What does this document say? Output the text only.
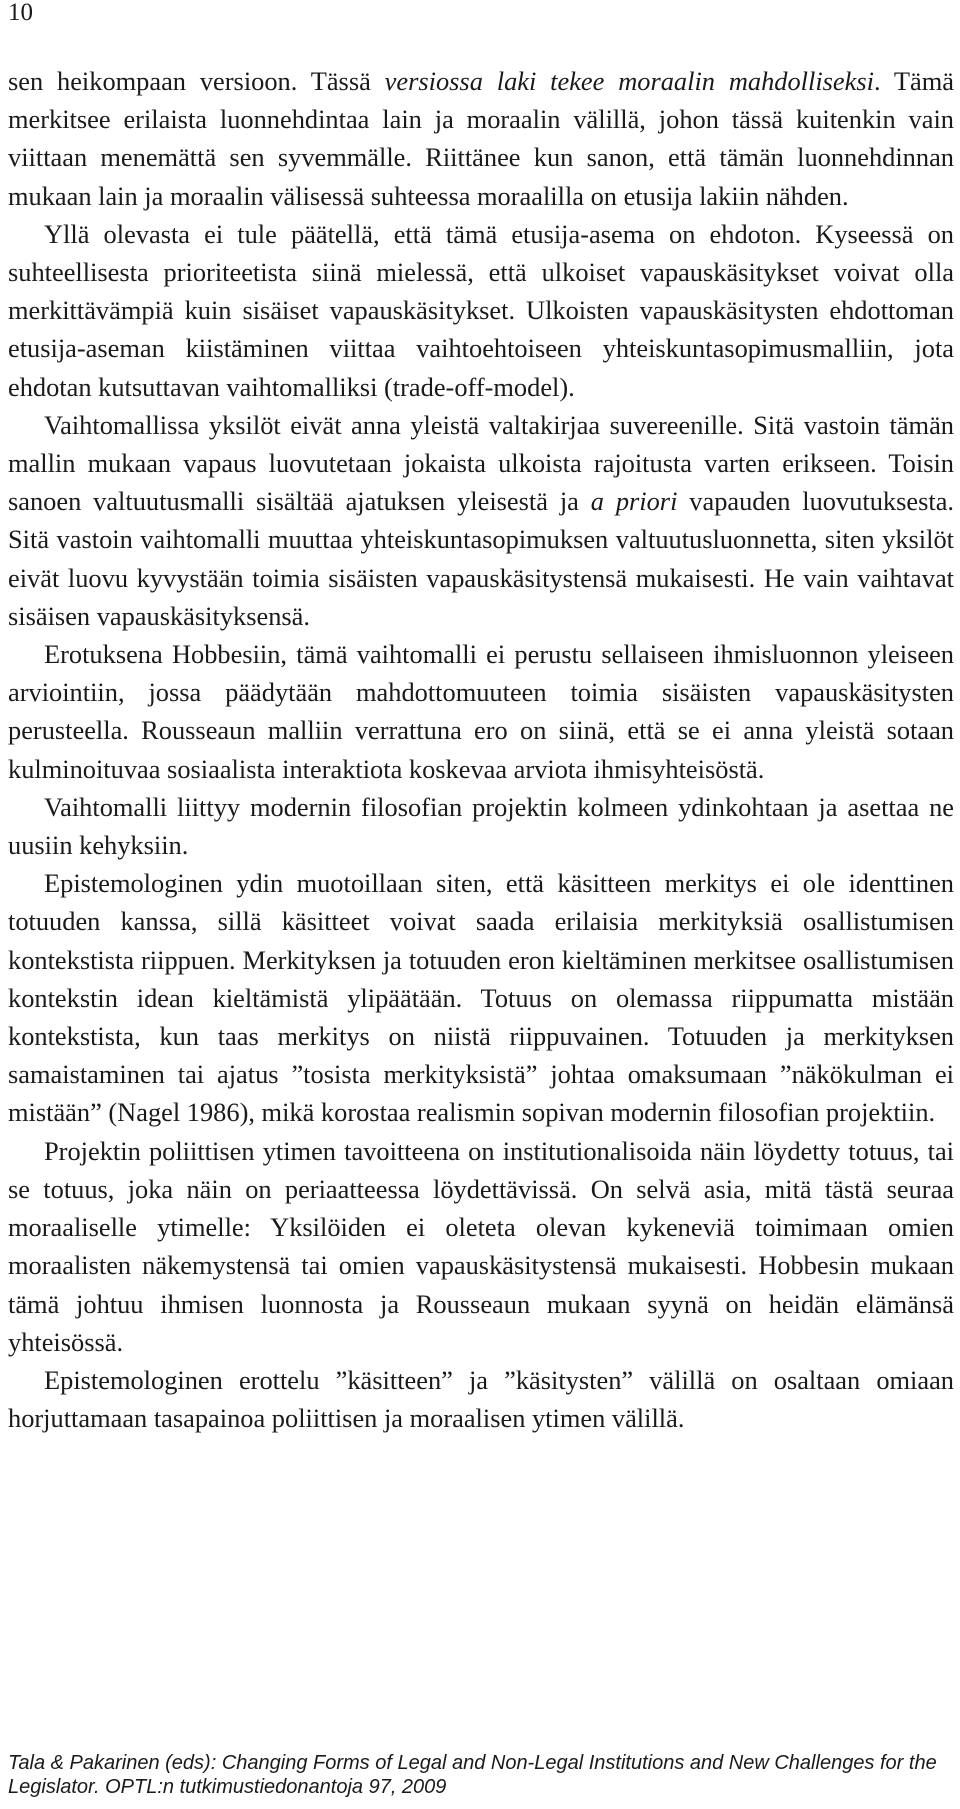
10

sen heikompaan versioon. Tässä versiossa laki tekee moraalin mahdolliseksi. Tämä merkitsee erilaista luonnehdintaa lain ja moraalin välillä, johon tässä kuitenkin vain viittaan menemättä sen syvemmälle. Riittänee kun sanon, että tämän luonnehdinnan mukaan lain ja moraalin välisessä suhteessa moraalilla on etusija lakiin nähden.

Yllä olevasta ei tule päätellä, että tämä etusija-asema on ehdoton. Kyseessä on suhteellisesta prioriteetista siinä mielessä, että ulkoiset vapauskäsitykset voivat olla merkittävämpiä kuin sisäiset vapauskäsitykset. Ulkoisten vapauskäsitysten ehdottoman etusija-aseman kiistäminen viittaa vaihtoehtoiseen yhteiskuntasopimusmalliin, jota ehdotan kutsuttavan vaihtomalliksi (trade-off-model).

Vaihtomallissa yksilöt eivät anna yleistä valtakirjaa suvereenille. Sitä vastoin tämän mallin mukaan vapaus luovutetaan jokaista ulkoista rajoitusta varten erikseen. Toisin sanoen valtuutusmalli sisältää ajatuksen yleisestä ja a priori vapauden luovutuksesta. Sitä vastoin vaihtomalli muuttaa yhteiskuntasopimuksen valtuutusluonnetta, siten yksilöt eivät luovu kyvystään toimia sisäisten vapauskäsitystensä mukaisesti. He vain vaihtavat sisäisen vapauskäsityksensä.

Erotuksena Hobbesiin, tämä vaihtomalli ei perustu sellaiseen ihmisluonnon yleiseen arviointiin, jossa päädytään mahdottomuuteen toimia sisäisten vapauskäsitysten perusteella. Rousseaun malliin verrattuna ero on siinä, että se ei anna yleistä sotaan kulminoituvaa sosiaalista interaktiota koskevaa arviota ihmisyhteisöstä.

Vaihtomalli liittyy modernin filosofian projektin kolmeen ydinkohtaan ja asettaa ne uusiin kehyksiin.

Epistemologinen ydin muotoillaan siten, että käsitteen merkitys ei ole identtinen totuuden kanssa, sillä käsitteet voivat saada erilaisia merkityksiä osallistumisen kontekstista riippuen. Merkityksen ja totuuden eron kieltäminen merkitsee osallistumisen kontekstin idean kieltämistä ylipäätään. Totuus on olemassa riippumatta mistään kontekstista, kun taas merkitys on niistä riippuvainen. Totuuden ja merkityksen samaistaminen tai ajatus ”tosista merkityksistä” johtaa omaksumaan ”näkökulman ei mistään” (Nagel 1986), mikä korostaa realismin sopivan modernin filosofian projektiin.

Projektin poliittisen ytimen tavoitteena on institutionalisoida näin löydetty totuus, tai se totuus, joka näin on periaatteessa löydettävissä. On selvä asia, mitä tästä seuraa moraaliselle ytimelle: Yksilöiden ei oleteta olevan kykeneviä toimimaan omien moraalisten näkemystensä tai omien vapauskäsitystensä mukaisesti. Hobbesin mukaan tämä johtuu ihmisen luonnosta ja Rousseaun mukaan syynä on heidän elämänsä yhteisössä.

Epistemologinen erottelu ”käsitteen” ja ”käsitysten” välillä on osaltaan omiaan horjuttamaan tasapainoa poliittisen ja moraalisen ytimen välillä.

Tala & Pakarinen (eds): Changing Forms of Legal and Non-Legal Institutions and New Challenges for the Legislator. OPTL:n tutkimustiedonantoja 97, 2009
